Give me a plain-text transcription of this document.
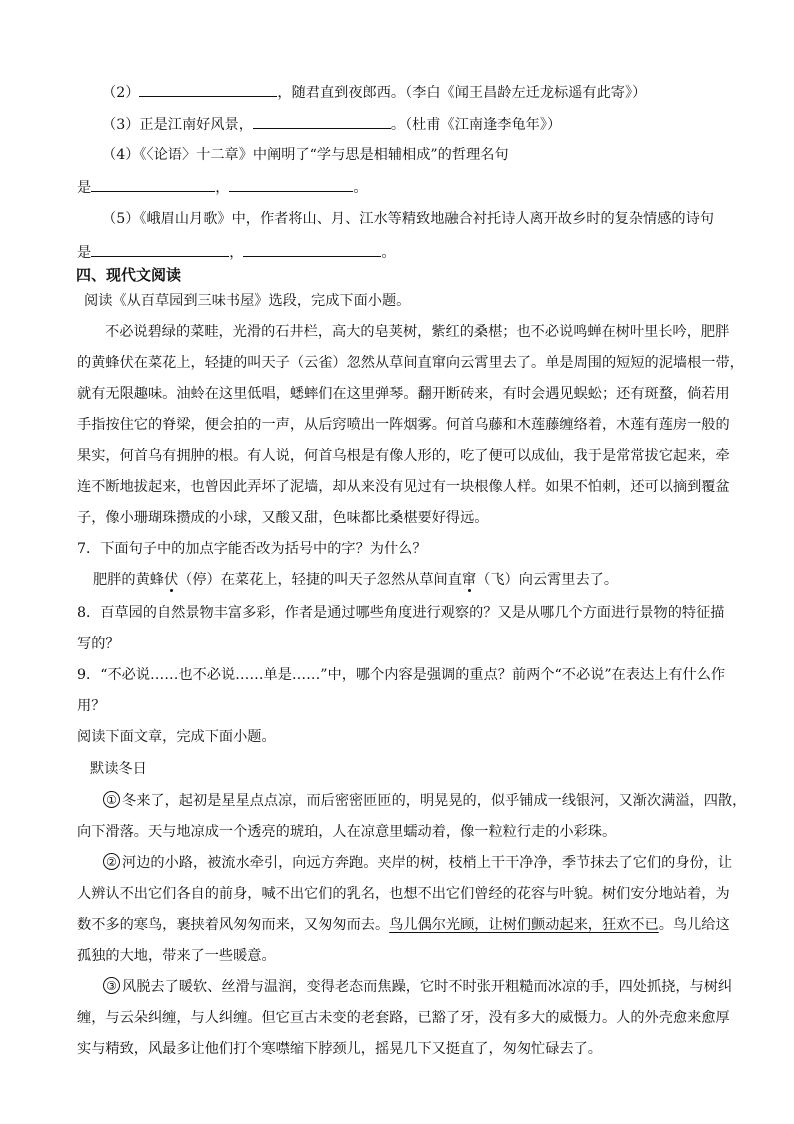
（2）	，随君直到夜郎西。（李白《闻王昌龄左迁龙标遥有此寄》）
（3）正是江南好风景，	。（杜甫《江南逢李龟年》）
（4）《〈论语〉十二章》中阐明了“学与思是相辅相成”的哲理名句
是	，	。
（5）《峨眉山月歌》中，作者将山、月、江水等精致地融合衬托诗人离开故乡时的复杂情感的诗句
是	，	。
四、现代文阅读
阅读《从百草园到三味书屋》选段，完成下面小题。
不必说碧绿的菜畦，光滑的石井栏，高大的皂荚树，紫红的桑椹；也不必说鸣蝉在树叶里长吟，肥胖
的黄蜂伏在菜花上，轻捷的叫天子（云雀）忽然从草间直窜向云霄里去了。单是周围的短短的泥墙根一带，
就有无限趣味。油蛉在这里低唱，蟋蟀们在这里弹琴。翻开断砖来，有时会遇见蜈蚣；还有斑蝥，倘若用
手指按住它的脊梁，便会拍的一声，从后窍喷出一阵烟雾。何首乌藤和木莲藤缠络着，木莲有莲房一般的
果实，何首乌有拥肿的根。有人说，何首乌根是有像人形的，吃了便可以成仙，我于是常常拔它起来，牵
连不断地拔起来，也曾因此弄坏了泥墙，却从来没有见过有一块根像人样。如果不怕刺，还可以摘到覆盆
子，像小珊瑚珠攒成的小球，又酸又甜，色味都比桑椹要好得远。
7．下面句子中的加点字能否改为括号中的字？为什么？
肥胖的黄蜂伏（停）在菜花上，轻捷的叫天子忽然从草间直窜（飞）向云霄里去了。
8．百草园的自然景物丰富多彩，作者是通过哪些角度进行观察的？又是从哪几个方面进行景物的特征描
写的？
9．“不必说……也不必说……单是……”中，哪个内容是强调的重点？前两个“不必说”在表达上有什么作
用？
阅读下面文章，完成下面小题。
默读冬日
① 冬来了，起初是星星点点凉，而后密密匝匝的，明晃晃的，似乎铺成一线银河，又渐次满溢，四散，
向下滑落。天与地凉成一个透亮的琥珀，人在凉意里蠕动着，像一粒粒行走的小彩珠。
② 河边的小路，被流水牵引，向远方奔跑。夹岸的树，枝梢上干干净净，季节抹去了它们的身份，让
人辨认不出它们各自的前身，喊不出它们的乳名，也想不出它们曾经的花容与叶貌。树们安分地站着，为
数不多的寒鸟，裹挟着风匆匆而来，又匆匆而去。鸟儿偶尔光顾，让树们颤动起来，狂欢不已。鸟儿给这
孤独的大地，带来了一些暖意。
③ 风脱去了暖软、丝滑与温润，变得老态而焦躁，它时不时张开粗糙而冰凉的手，四处抓挠，与树纠
缠，与云朵纠缠，与人纠缠。但它亘古未变的老套路，已豁了牙，没有多大的威慑力。人的外壳愈来愈厚
实与精致，风最多让他们打个寒噤缩下脖颈儿，摇晃几下又挺直了，匆匆忙碌去了。
